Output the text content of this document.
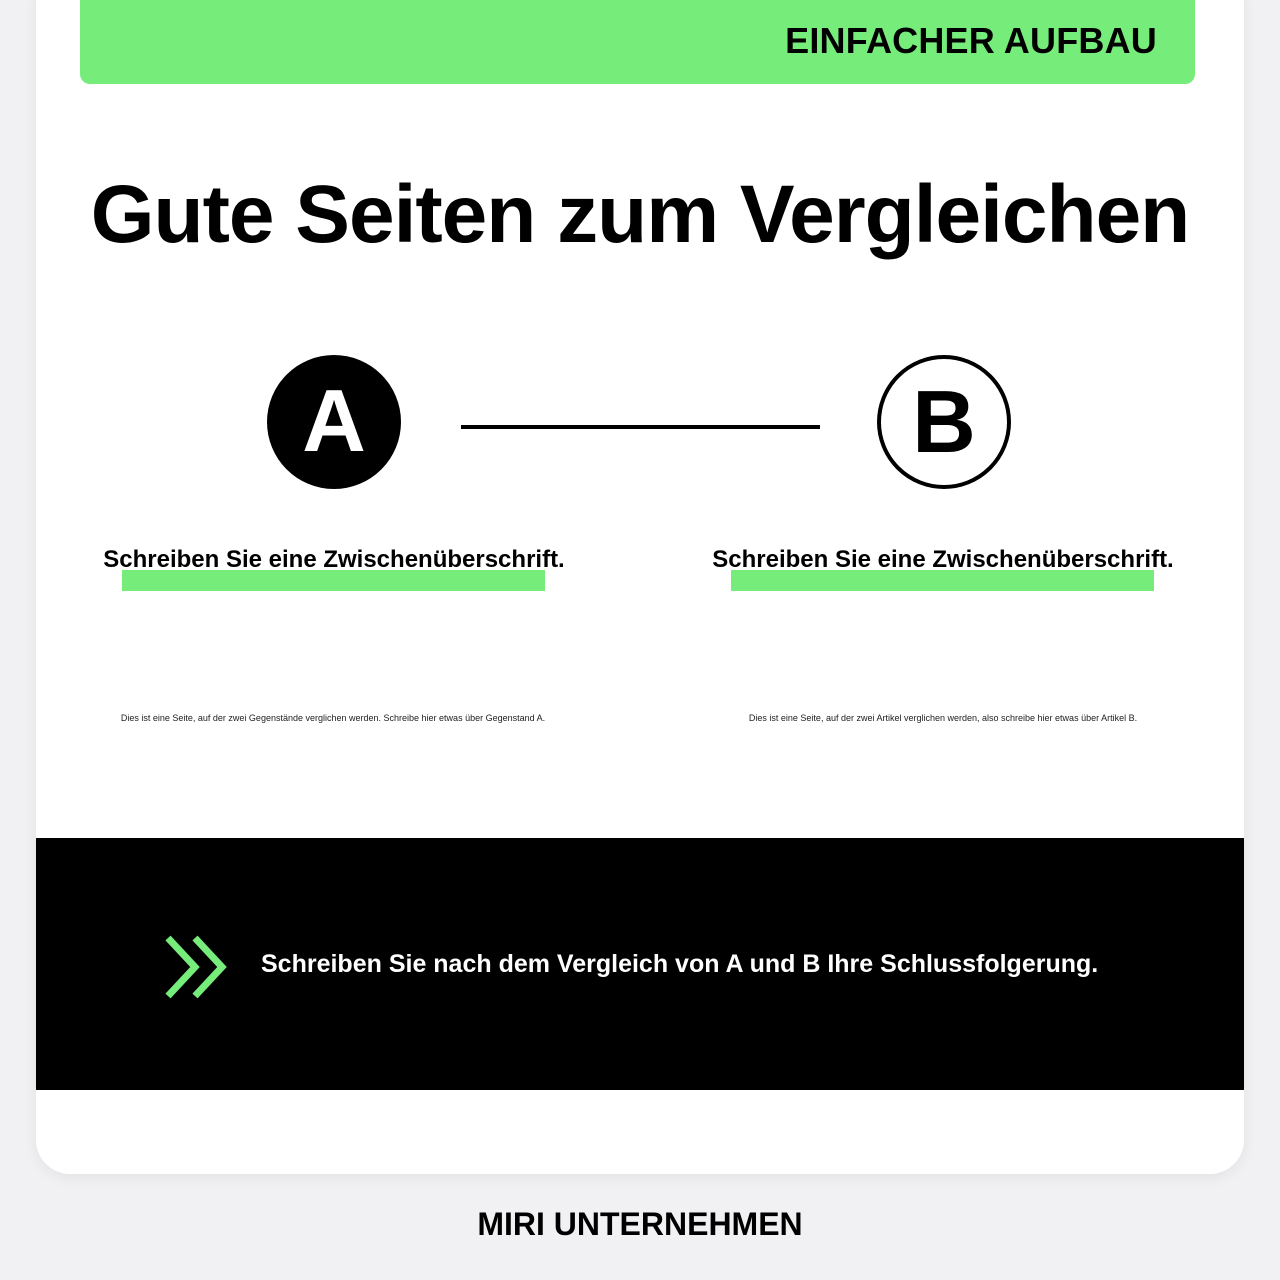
EINFACHER AUFBAU
Gute Seiten zum Vergleichen
A	B
Schreiben Sie eine Zwischenüberschrift.	Schreiben Sie eine Zwischenüberschrift.
Dies ist eine Seite, auf der zwei Gegenstände verglichen werden. Schreibe hier etwas über Gegenstand A.	Dies ist eine Seite, auf der zwei Artikel verglichen werden, also schreibe hier etwas über Artikel B.
Schreiben Sie nach dem Vergleich von A und B Ihre Schlussfolgerung.
MIRI UNTERNEHMEN
